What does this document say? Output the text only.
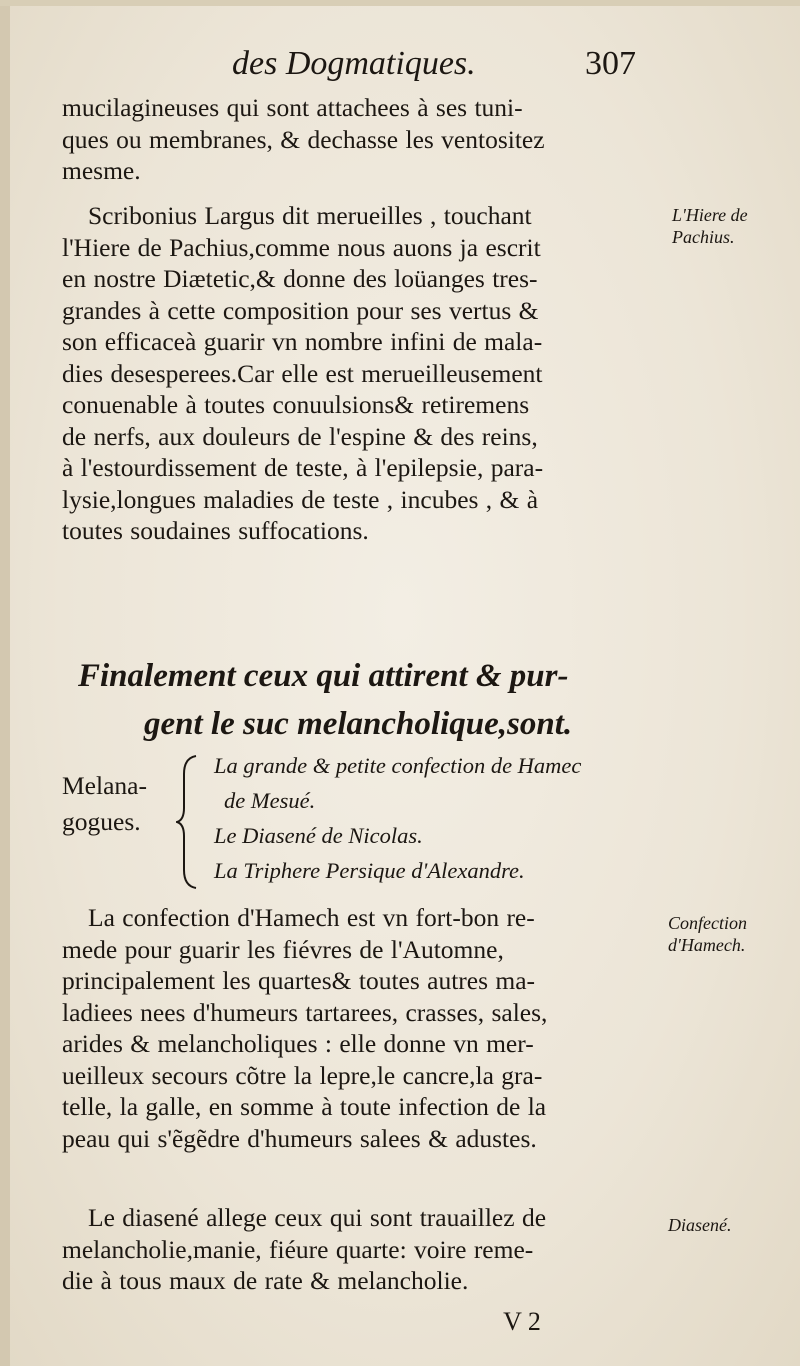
des Dogmatiques.	307
mucilagineuses qui sont attachees à ses tuni-
ques ou membranes, & dechasse les ventositez
mesme.
Scribonius Largus dit merueilles , touchant
l'Hiere de Pachius,comme nous auons ja escrit
en nostre Diætetic,& donne des loüanges tres-
grandes à cette composition pour ses vertus &
son efficaceà guarir vn nombre infini de mala-
dies desesperees.Car elle est merueilleusement
conuenable à toutes conuulsions& retiremens
de nerfs, aux douleurs de l'espine & des reins,
à l'estourdissement de teste, à l'epilepsie, para-
lysie,longues maladies de teste , incubes , & à
toutes soudaines suffocations.
L'Hiere de
Pachius.
Finalement ceux qui attirent & pur-
gent le suc melancholique,sont.
Melana-
gogues.
La grande & petite confection de Hamec
de Mesué.
Le Diasené de Nicolas.
La Triphere Persique d'Alexandre.
La confection d'Hamech est vn fort-bon re-
mede pour guarir les fiévres de l'Automne,
principalement les quartes& toutes autres ma-
ladiees nees d'humeurs tartarees, crasses, sales,
arides & melancholiques : elle donne vn mer-
ueilleux secours cõtre la lepre,le cancre,la gra-
telle, la galle, en somme à toute infection de la
peau qui s'ẽgẽdre d'humeurs salees & adustes.
Confection
d'Hamech.
Le diasené allege ceux qui sont trauaillez de
melancholie,manie, fiéure quarte: voire reme-
die à tous maux de rate & melancholie.
Diasené.
V 2
